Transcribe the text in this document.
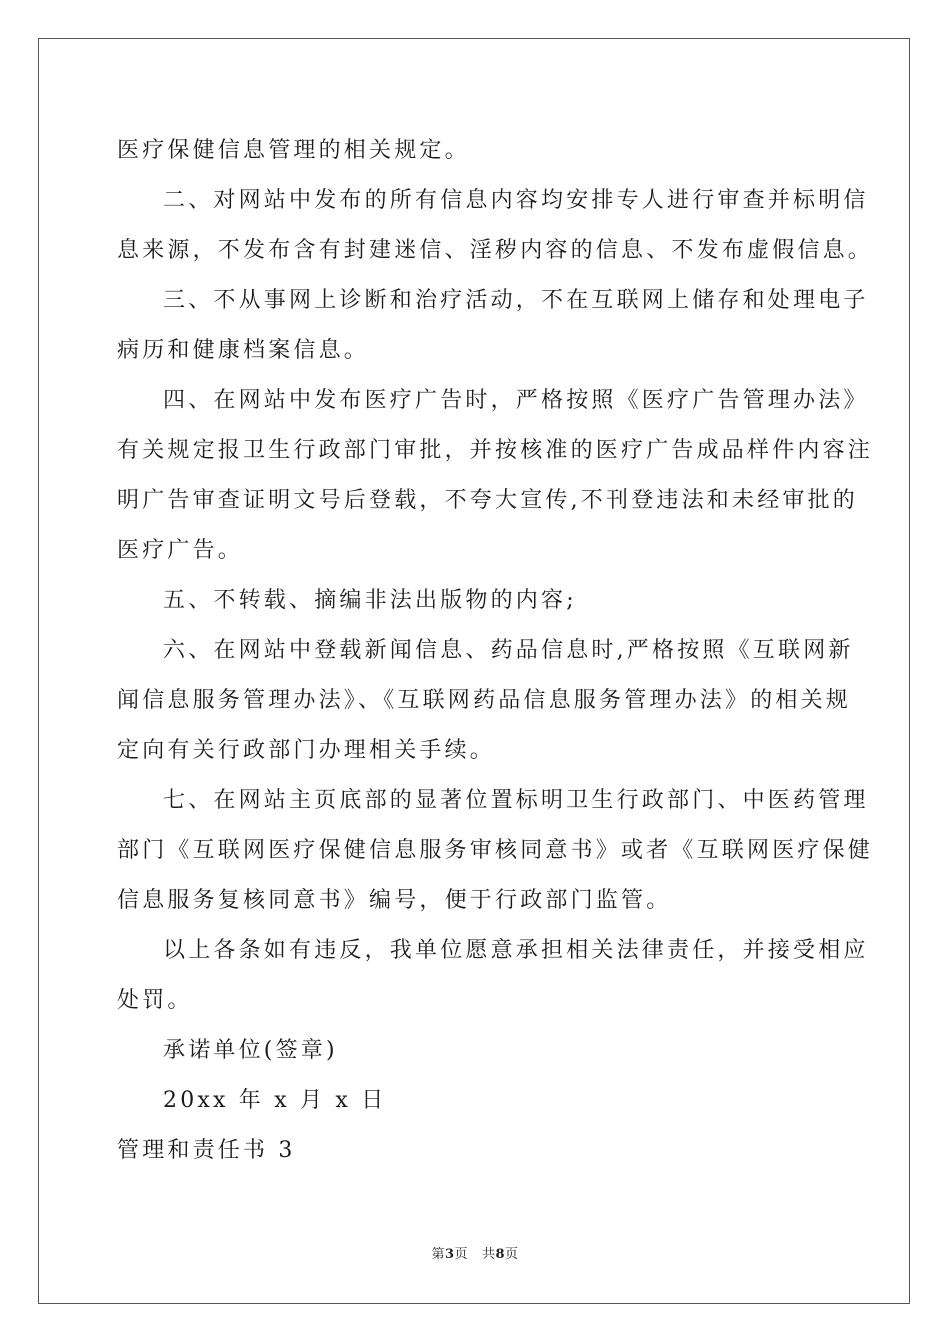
医疗保健信息管理的相关规定。
二、对网站中发布的所有信息内容均安排专人进行审查并标明信
息来源，不发布含有封建迷信、淫秽内容的信息、不发布虚假信息。
三、不从事网上诊断和治疗活动，不在互联网上储存和处理电子
病历和健康档案信息。
四、在网站中发布医疗广告时，严格按照《医疗广告管理办法》
有关规定报卫生行政部门审批，并按核准的医疗广告成品样件内容注
明广告审查证明文号后登载，不夸大宣传,不刊登违法和未经审批的
医疗广告。
五、不转载、摘编非法出版物的内容;
六、在网站中登载新闻信息、药品信息时,严格按照《互联网新
闻信息服务管理办法》、《互联网药品信息服务管理办法》的相关规
定向有关行政部门办理相关手续。
七、在网站主页底部的显著位置标明卫生行政部门、中医药管理
部门《互联网医疗保健信息服务审核同意书》或者《互联网医疗保健
信息服务复核同意书》编号，便于行政部门监管。
以上各条如有违反，我单位愿意承担相关法律责任，并接受相应
处罚。
承诺单位(签章)
20xx 年 x 月 x 日
管理和责任书 3
第3页 共8页
